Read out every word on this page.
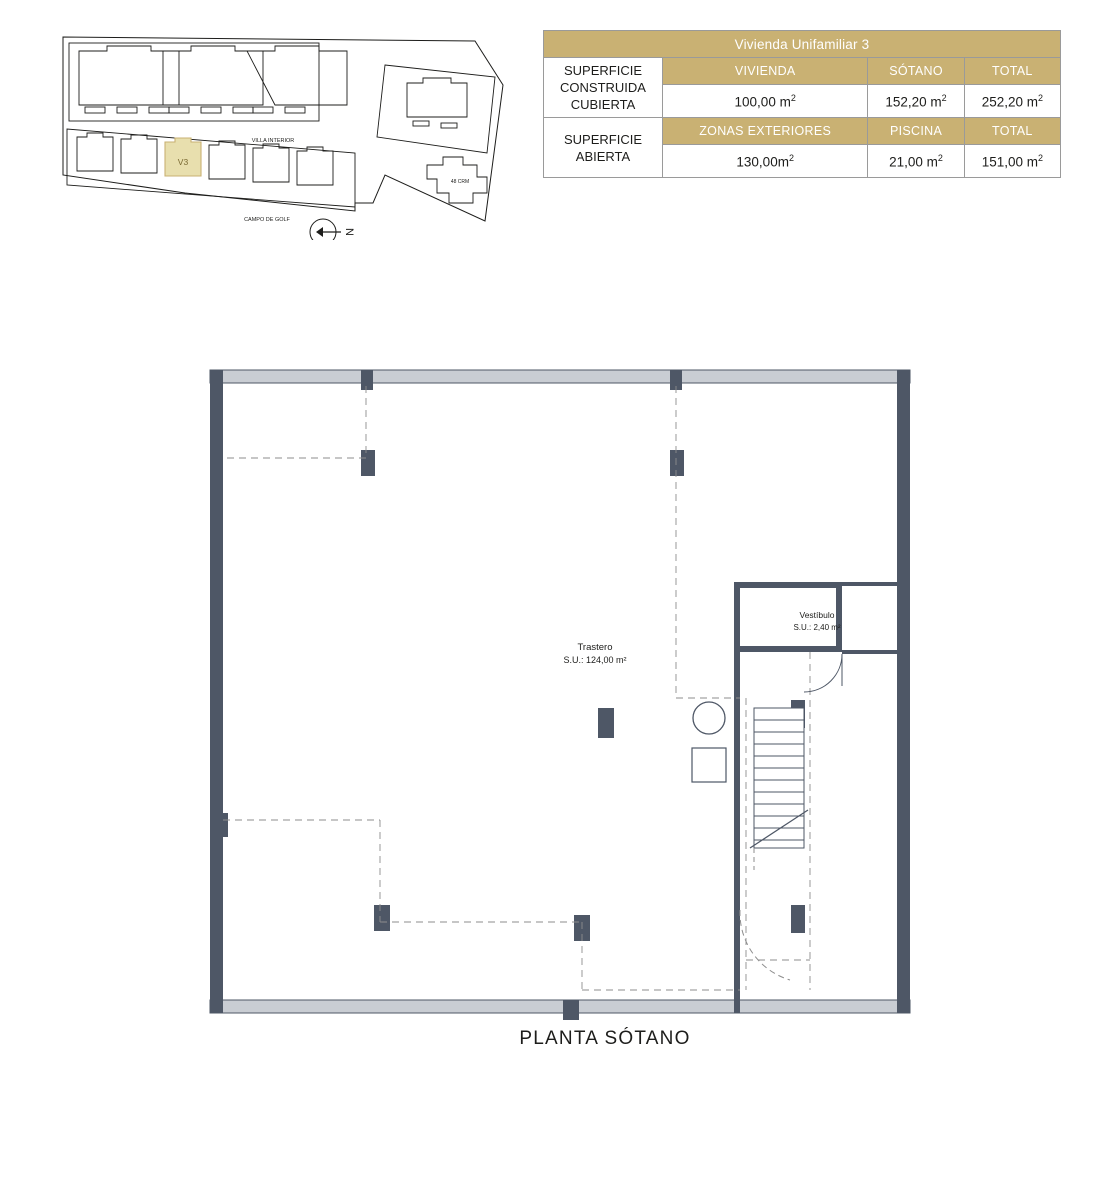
V3
VILLA INTERIOR
CAMPO DE GOLF
48 CRM
N
Vivienda Unifamiliar 3			
SUPERFICIE CONSTRUIDA CUBIERTA	VIVIENDA	SÓTANO	TOTAL
	100,00 $m^2$	152,20 $m^2$	252,20 $m^2$
SUPERFICIE ABIERTA	ZONAS EXTERIORES	PISCINA	TOTAL
	$130,00m^2$	21,00 $m^2$	151,00 $m^2$
Trastero
S.U.: 124,00 m²
Vestíbulo
S.U.: 2,40 m²
PLANTA SÓTANO
